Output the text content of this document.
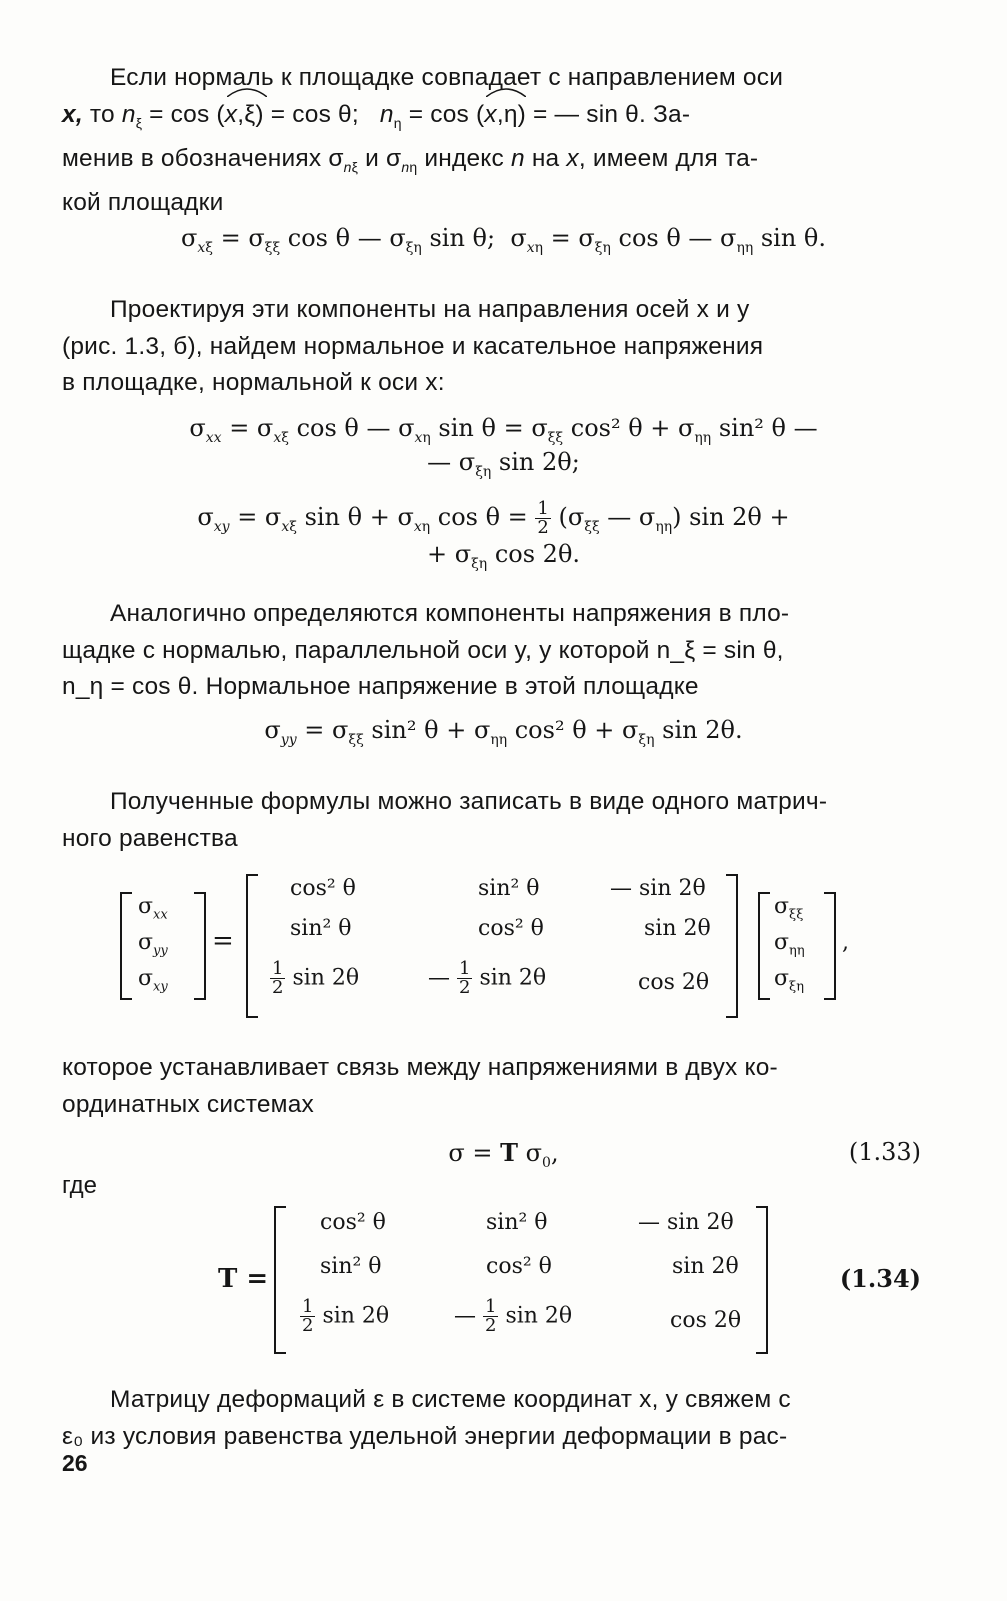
Если нормаль к площадке совпадает с направлением оси
x, то $n_\xi = \cos (x,\xi$
) = cos θ; $n_\eta = \cos (x,\eta$
) = — sin θ. За-
менив в обозначениях $\sigma_{n\xi}$ и $\sigma_{n\eta}$ индекс n на x, имеем для та-
кой площадки
$\sigma_{x\xi} = \sigma_{\xi\xi}$ cos θ — $\sigma_{\xi\eta}$ sin θ;  $\sigma_{x\eta} = \sigma_{\xi\eta}$ cos θ — $\sigma_{\eta\eta}$ sin θ.
Проектируя эти компоненты на направления осей x и y
(рис. 1.3, б), найдем нормальное и касательное напряжения
в площадке, нормальной к оси x:
$\sigma_{xx} = \sigma_{x\xi}$ cos θ — $\sigma_{x\eta}$ $\sin \theta = \sigma_{\xi\xi}$ cos² $\theta + \sigma_{\eta\eta}$ sin² θ —
— $\sigma_{\xi\eta}$ sin 2θ;
$\sigma_{xy} = \sigma_{x\xi}$ $\sin \theta + \sigma_{x\eta}$ $\cos \theta = \frac{1}{2} (\sigma_{\xi\xi}$ — $\sigma_{\eta\eta}$) sin 2θ +
+ $\sigma_{\xi\eta}$ cos 2θ.
Аналогично определяются компоненты напряжения в пло-
щадке с нормалью, параллельной оси y, у которой n_ξ = sin θ,
n_η = cos θ. Нормальное напряжение в этой площадке
$\sigma_{yy} = \sigma_{\xi\xi}$ sin² $\theta + \sigma_{\eta\eta}$ cos² $\theta + \sigma_{\xi\eta}$ sin 2θ.
Полученные формулы можно записать в виде одного матрич-
ного равенства
$\sigma_{xx}$
$\sigma_{yy}$
$\sigma_{xy}$
=
cos² θ	sin² θ	— sin 2θ
sin² θ	cos² θ	sin 2θ
$\frac{1}{2}$ sin 2θ	— $\frac{1}{2}$ sin 2θ	cos 2θ
$\sigma_{\xi\xi}$
$\sigma_{\eta\eta}$
$\sigma_{\xi\eta}$
,
которое устанавливает связь между напряжениями в двух ко-
ординатных системах
σ = T $\sigma_0$,	(1.33)
где
T =
cos² θ	sin² θ	— sin 2θ
sin² θ	cos² θ	sin 2θ
$\frac{1}{2}$ sin 2θ	— $\frac{1}{2}$ sin 2θ	cos 2θ
(1.34)
Матрицу деформаций ε в системе координат x, y свяжем с
ε₀ из условия равенства удельной энергии деформации в рас-
26
